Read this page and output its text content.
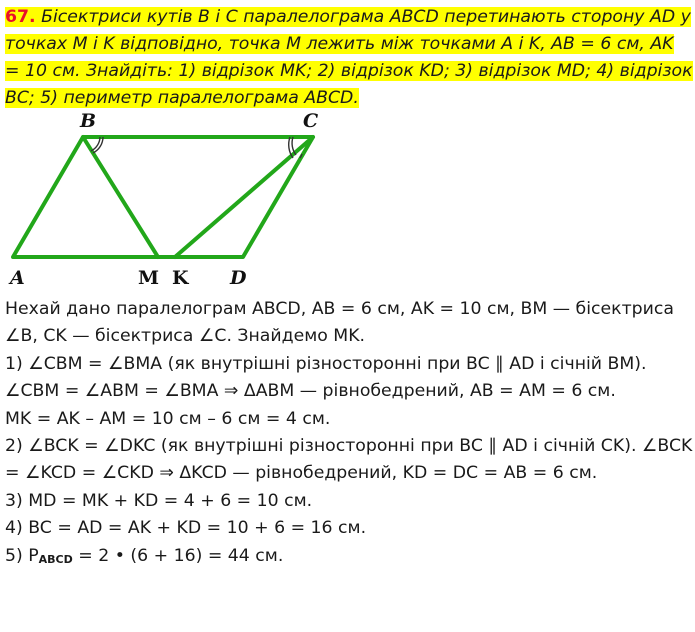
67. Бісектриси кутів B і C паралелограма ABCD перетинають сторону AD у точках M і K відповідно, точка M лежить між точками A і K, AB = 6 см, AK = 10 см. Знайдіть: 1) відрізок MK; 2) відрізок KD; 3) відрізок MD; 4) відрізок BC; 5) периметр паралелограма ABCD.
B	C
A	M K D

Нехай дано паралелограм ABCD, AB = 6 см, AK = 10 см, BM — бісектриса ∠B, CK — бісектриса ∠C. Знайдемо МK.

1) ∠CBM = ∠BMA (як внутрішні різносторонні при BC ∥ AD і січній BM). ∠CBM = ∠ABM = ∠BMA ⇒ ΔABM — рівнобедрений, AB = AM = 6 см.

MK = AK – AM = 10 см – 6 см = 4 см.

2) ∠BCK = ∠DKC (як внутрішні різносторонні при BC ∥ AD і січній CK). ∠BCK = ∠KCD = ∠CKD ⇒ ΔKCD — рівнобедрений, KD = DC = AB = 6 см.

3) MD = MK + KD = 4 + 6 = 10 см.

4) BC = AD = AK + KD = 10 + 6 = 16 см.

5) $P_{ABCD} = 2$ • (6 + 16) = 44 см.
